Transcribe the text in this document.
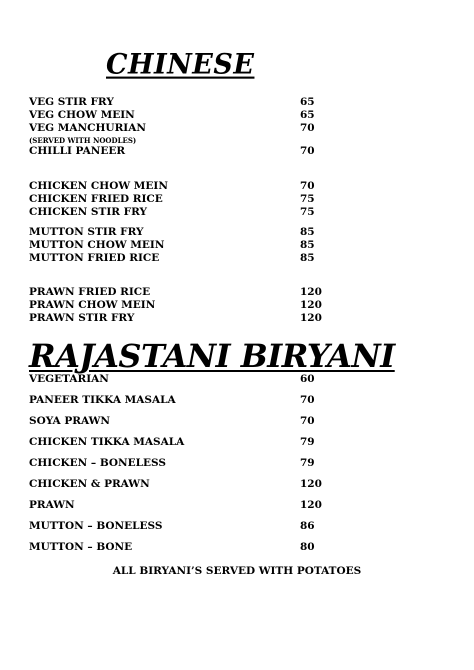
CHINESE
VEG STIR FRY	65
VEG CHOW MEIN	65
VEG MANCHURIAN	70
(SERVED WITH NOODLES)
CHILLI PANEER	70
CHICKEN CHOW MEIN	70
CHICKEN FRIED RICE	75
CHICKEN STIR FRY	75
MUTTON STIR FRY	85
MUTTON CHOW MEIN	85
MUTTON FRIED RICE	85
PRAWN FRIED RICE	120
PRAWN CHOW MEIN	120
PRAWN STIR FRY	120
RAJASTANI BIRYANI
VEGETARIAN	60
PANEER TIKKA MASALA	70
SOYA PRAWN	70
CHICKEN TIKKA MASALA	79
CHICKEN – BONELESS	79
CHICKEN & PRAWN	120
PRAWN	120
MUTTON – BONELESS	86
MUTTON – BONE	80
ALL BIRYANI’S SERVED WITH POTATOES
